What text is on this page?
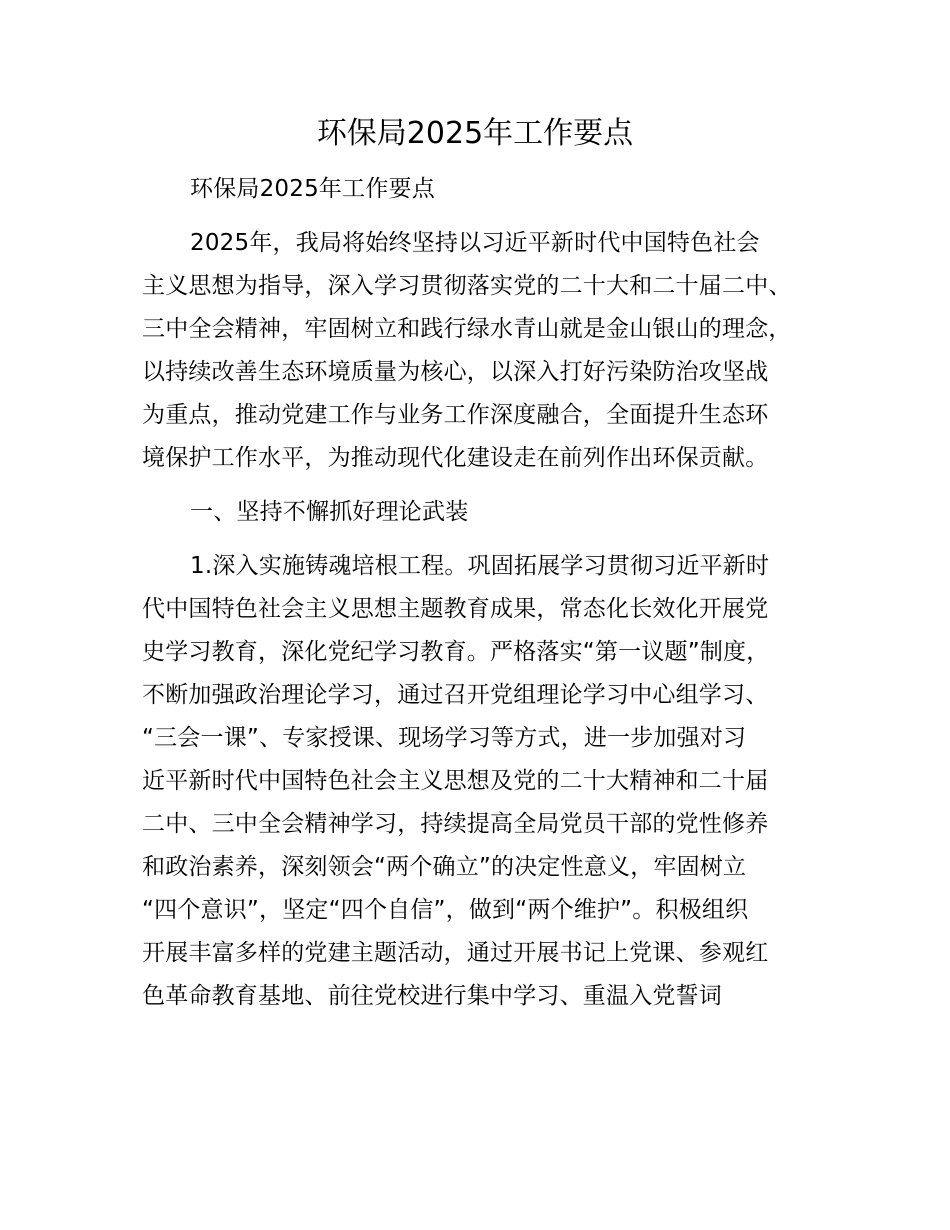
环保局2025年工作要点
环保局2025年工作要点
2025年，我局将始终坚持以习近平新时代中国特色社会
主义思想为指导，深入学习贯彻落实党的二十大和二十届二中、
三中全会精神，牢固树立和践行绿水青山就是金山银山的理念，
以持续改善生态环境质量为核心，以深入打好污染防治攻坚战
为重点，推动党建工作与业务工作深度融合，全面提升生态环
境保护工作水平，为推动现代化建设走在前列作出环保贡献。
一、坚持不懈抓好理论武装
1.深入实施铸魂培根工程。巩固拓展学习贯彻习近平新时
代中国特色社会主义思想主题教育成果，常态化长效化开展党
史学习教育，深化党纪学习教育。严格落实“第一议题”制度，
不断加强政治理论学习，通过召开党组理论学习中心组学习、
“三会一课”、专家授课、现场学习等方式，进一步加强对习
近平新时代中国特色社会主义思想及党的二十大精神和二十届
二中、三中全会精神学习，持续提高全局党员干部的党性修养
和政治素养，深刻领会“两个确立”的决定性意义，牢固树立
“四个意识”，坚定“四个自信”，做到“两个维护”。积极组织
开展丰富多样的党建主题活动，通过开展书记上党课、参观红
色革命教育基地、前往党校进行集中学习、重温入党誓词
